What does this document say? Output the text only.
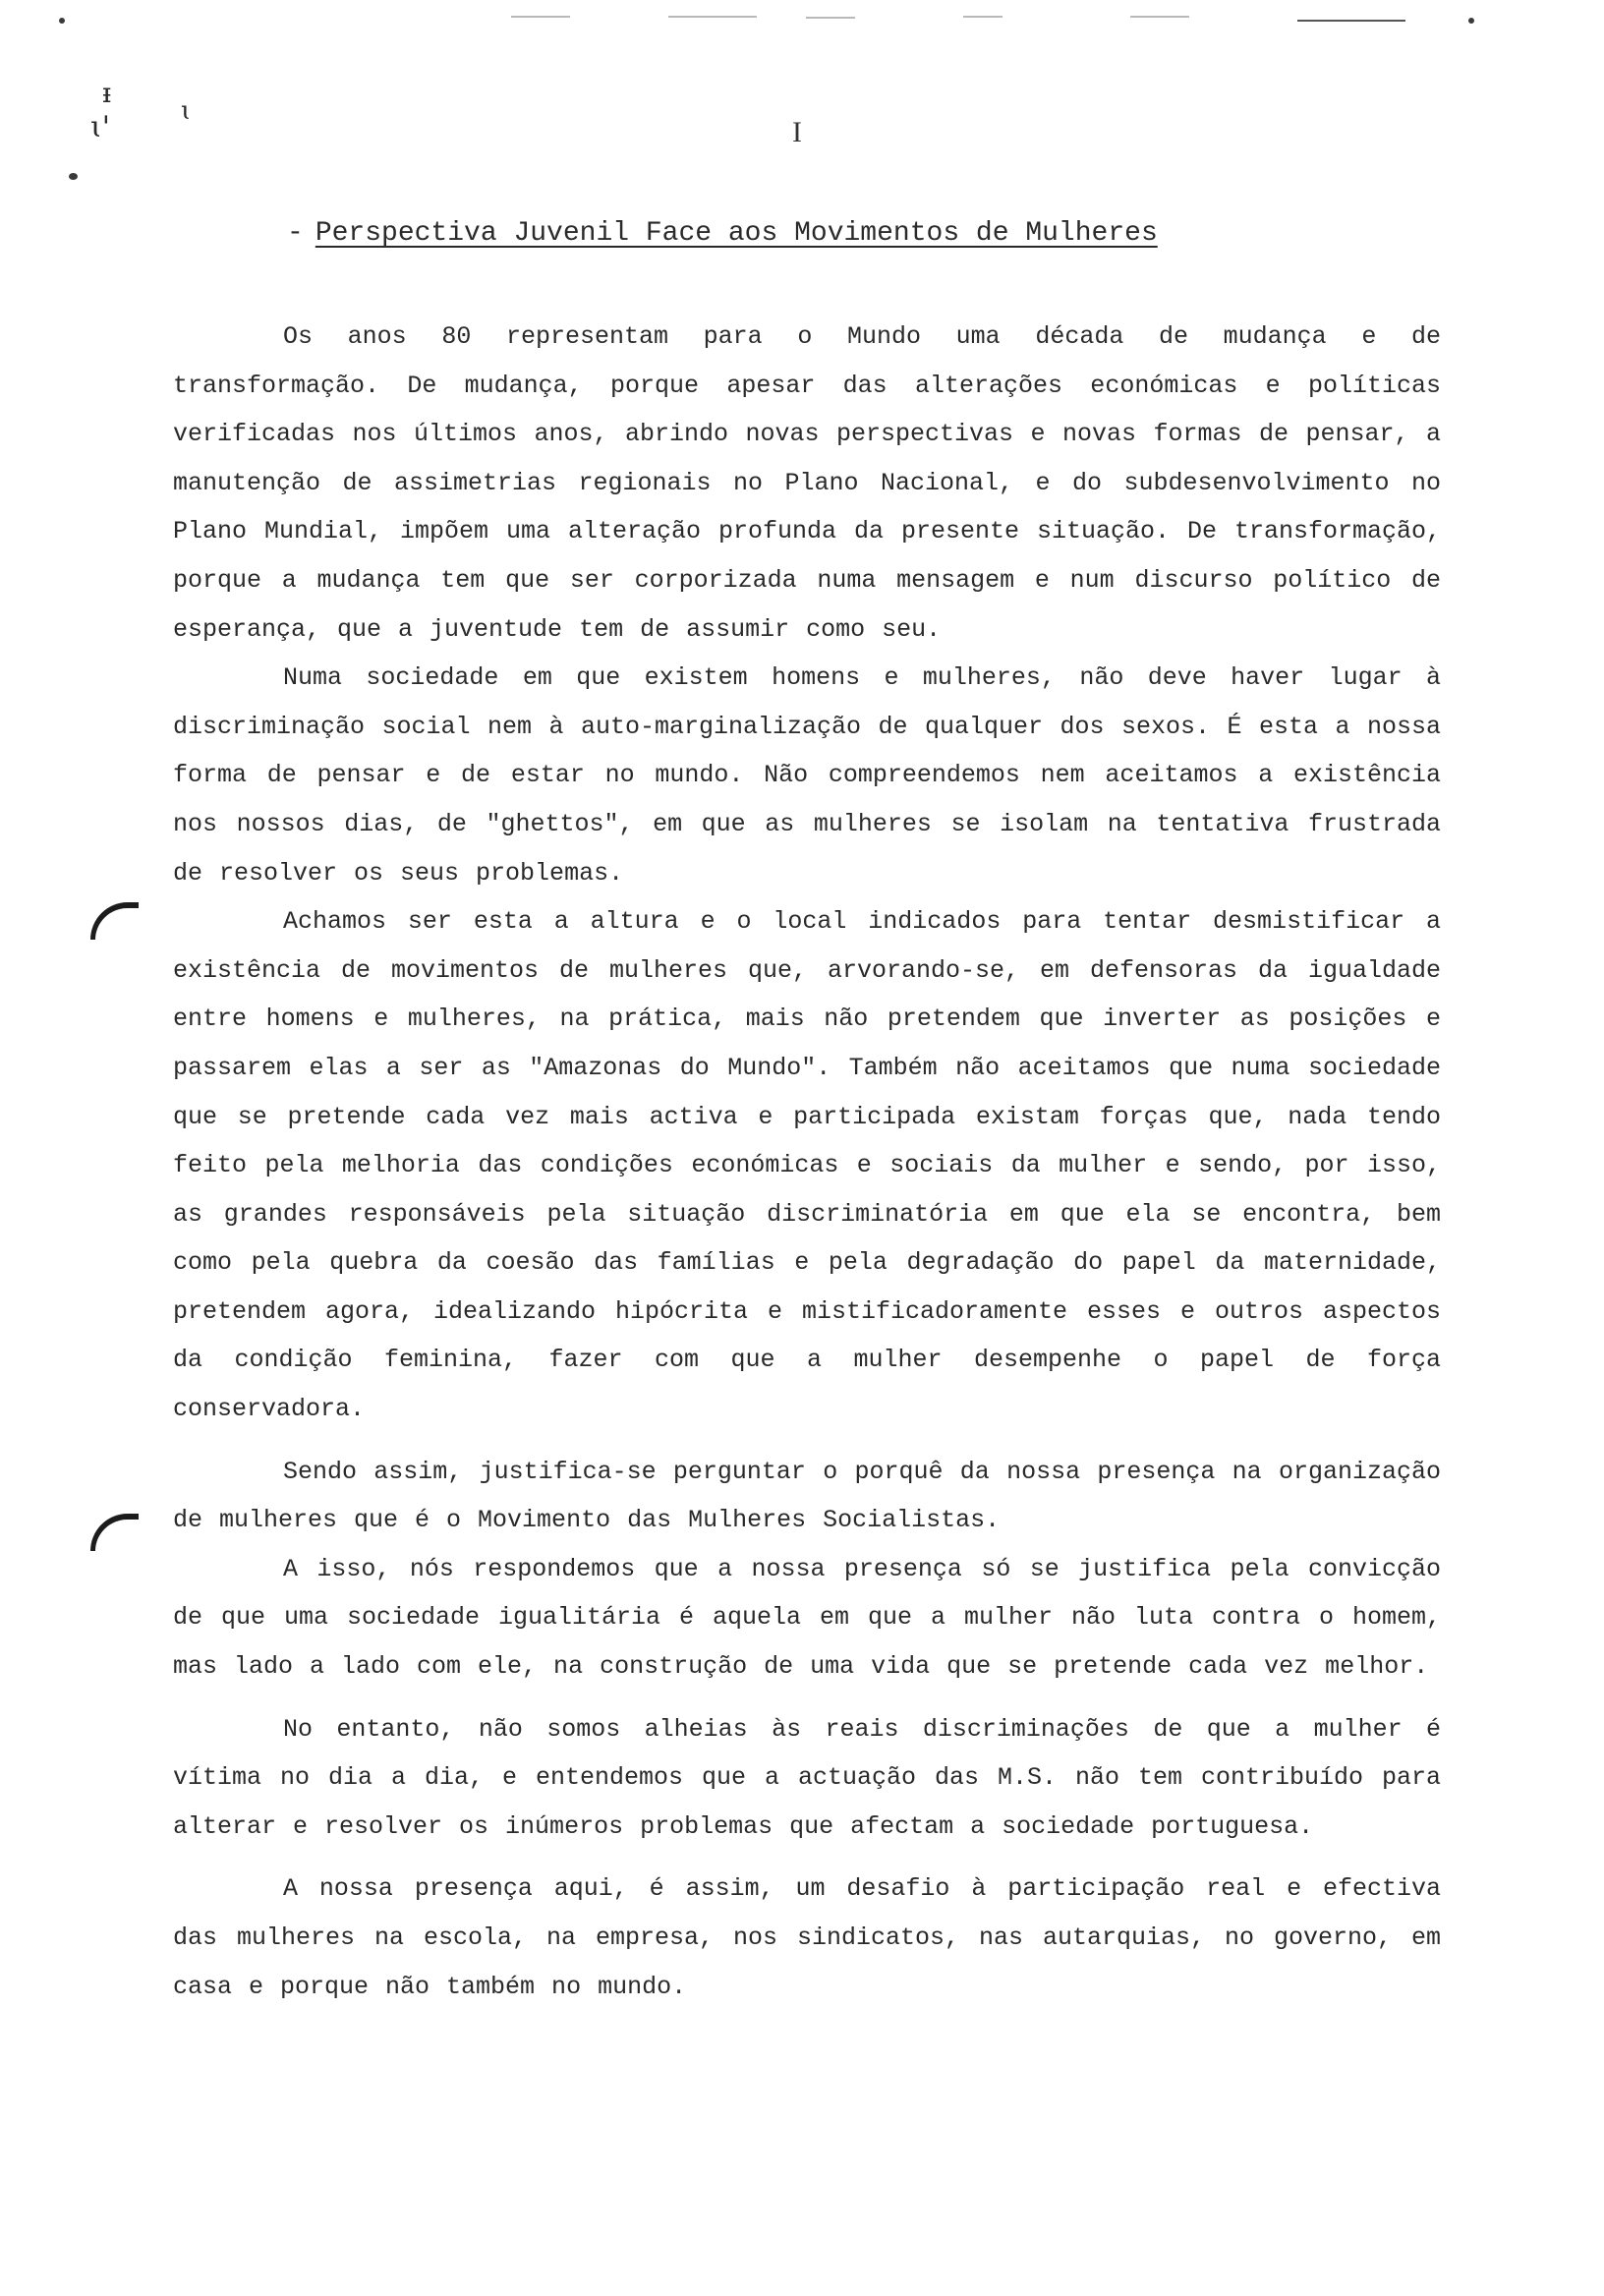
ᵻ
ɩ'	ɩ
I
- Perspectiva Juvenil Face aos Movimentos de Mulheres

Os anos 80 representam para o Mundo uma década de mudança e de transformação. De mudança, porque apesar das alterações económicas e políticas verificadas nos últimos anos, abrindo novas perspectivas e novas formas de pensar, a manutenção de assimetrias regionais no Plano Nacional, e do subdesenvolvimento no Plano Mundial, impõem uma alteração profunda da presente situação. De transformação, porque a mudança tem que ser corporizada numa mensagem e num discurso político de esperança, que a juventude tem de assumir como seu.

Numa sociedade em que existem homens e mulheres, não deve haver lugar à discriminação social nem à auto-marginalização de qualquer dos sexos. É esta a nossa forma de pensar e de estar no mundo. Não compreendemos nem aceitamos a existência nos nossos dias, de "ghettos", em que as mulheres se isolam na tentativa frustrada de resolver os seus problemas.

Achamos ser esta a altura e o local indicados para tentar desmistificar a existência de movimentos de mulheres que, arvorando-se, em defensoras da igualdade entre homens e mulheres, na prática, mais não pretendem que inverter as posições e passarem elas a ser as "Amazonas do Mundo". Também não aceitamos que numa sociedade que se pretende cada vez mais activa e participada existam forças que, nada tendo feito pela melhoria das condições económicas e sociais da mulher e sendo, por isso, as grandes responsáveis pela situação discriminatória em que ela se encontra, bem como pela quebra da coesão das famílias e pela degradação do papel da maternidade, pretendem agora, idealizando hipócrita e mistificadoramente esses e outros aspectos da condição feminina, fazer com que a mulher desempenhe o papel de força conservadora.

Sendo assim, justifica-se perguntar o porquê da nossa presença na organização de mulheres que é o Movimento das Mulheres Socialistas.

A isso, nós respondemos que a nossa presença só se justifica pela convicção de que uma sociedade igualitária é aquela em que a mulher não luta contra o homem, mas lado a lado com ele, na construção de uma vida que se pretende cada vez melhor.

No entanto, não somos alheias às reais discriminações de que a mulher é vítima no dia a dia, e entendemos que a actuação das M.S. não tem contribuído para alterar e resolver os inúmeros problemas que afectam a sociedade portuguesa.

A nossa presença aqui, é assim, um desafio à participação real e efectiva das mulheres na escola, na empresa, nos sindicatos, nas autarquias, no governo, em casa e porque não também no mundo.
